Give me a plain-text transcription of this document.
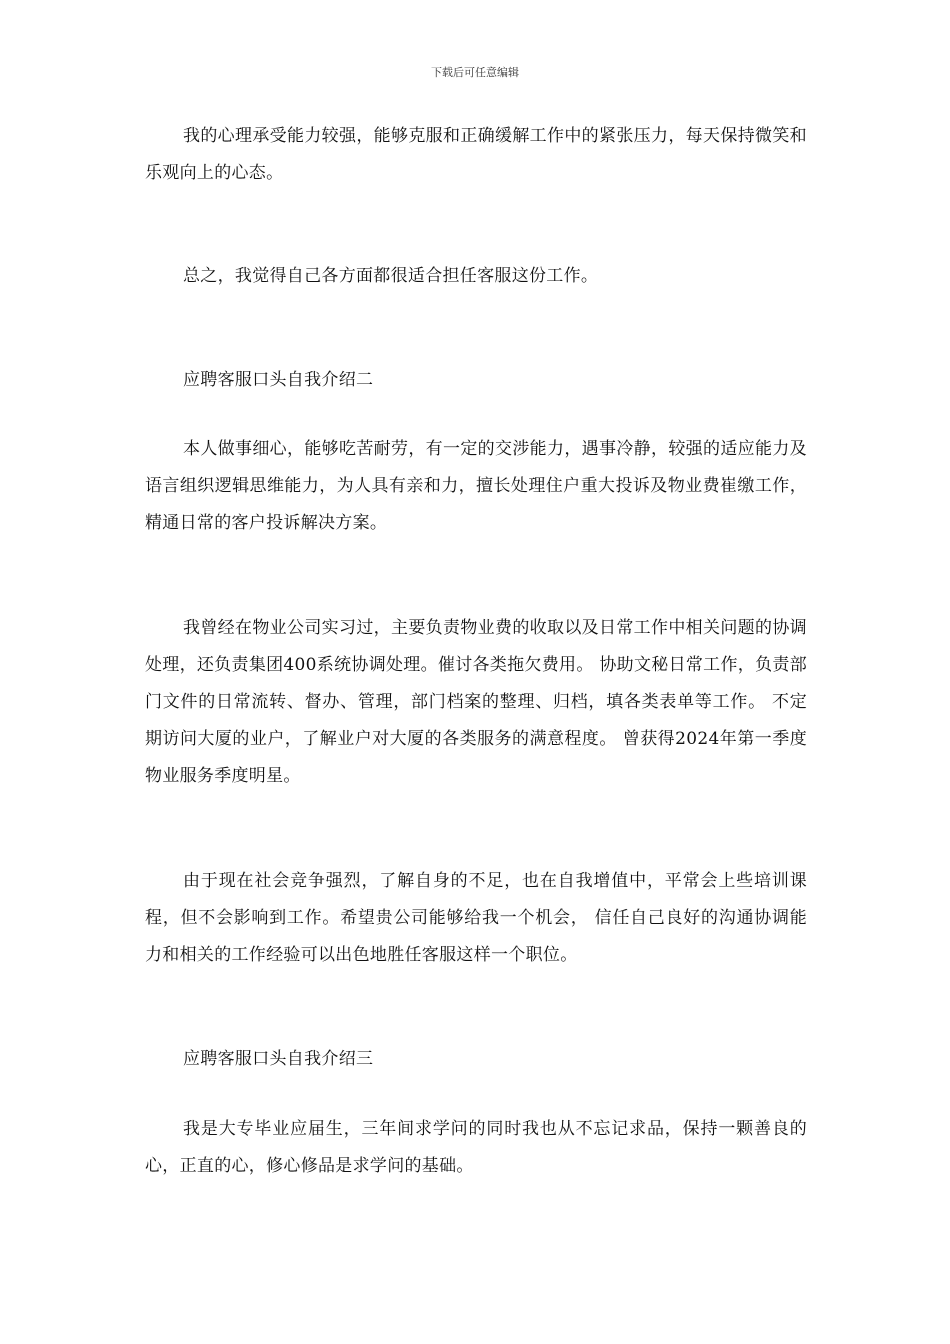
下载后可任意编辑

我的心理承受能力较强，能够克服和正确缓解工作中的紧张压力，每天保持微笑和乐观向上的心态。

总之，我觉得自己各方面都很适合担任客服这份工作。

应聘客服口头自我介绍二

本人做事细心，能够吃苦耐劳，有一定的交涉能力，遇事冷静，较强的适应能力及语言组织逻辑思维能力，为人具有亲和力，擅长处理住户重大投诉及物业费崔缴工作，精通日常的客户投诉解决方案。

我曾经在物业公司实习过，主要负责物业费的收取以及日常工作中相关问题的协调处理，还负责集团400系统协调处理。催讨各类拖欠费用。 协助文秘日常工作，负责部门文件的日常流转、督办、管理，部门档案的整理、归档，填各类表单等工作。 不定期访问大厦的业户，了解业户对大厦的各类服务的满意程度。 曾获得2024年第一季度物业服务季度明星。

由于现在社会竞争强烈，了解自身的不足，也在自我增值中，平常会上些培训课程，但不会影响到工作。希望贵公司能够给我一个机会， 信任自己良好的沟通协调能力和相关的工作经验可以出色地胜任客服这样一个职位。

应聘客服口头自我介绍三

我是大专毕业应届生，三年间求学问的同时我也从不忘记求品，保持一颗善良的心，正直的心，修心修品是求学问的基础。
